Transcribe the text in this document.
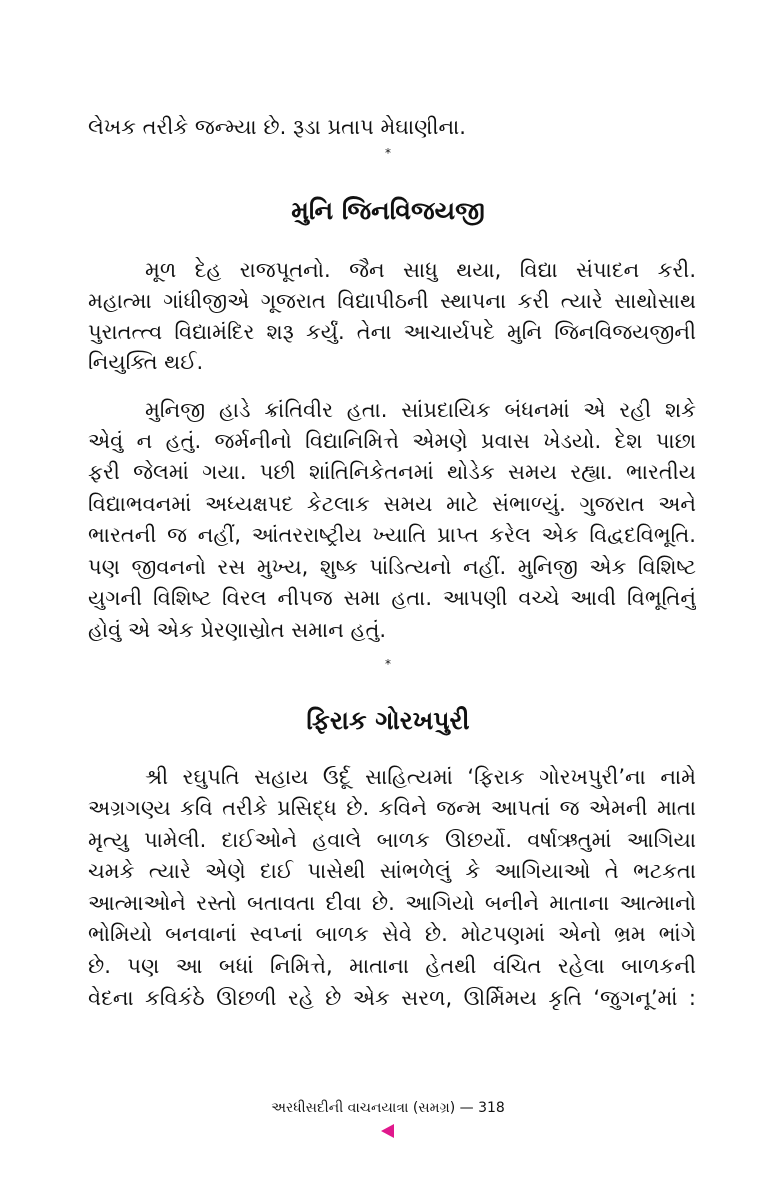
લેખક તરીકે જન્મ્યા છે. રૂડા પ્રતાપ મેઘાણીના.
*
મુનિ જિનવિજયજી
મૂળ દેહ રાજપૂતનો. જૈન સાધુ થયા, વિદ્યા સંપાદન કરી.
મહાત્મા ગાંધીજીએ ગૂજરાત વિદ્યાપીઠની સ્થાપના કરી ત્યારે સાથોસાથ
પુરાતત્ત્વ વિદ્યામંદિર શરૂ કર્યું. તેના આચાર્યપદે મુનિ જિનવિજયજીની
નિયુક્તિ થઈ.
મુનિજી હાડે ક્રાંતિવીર હતા. સાંપ્રદાયિક બંધનમાં એ રહી શકે
એવું ન હતું. જર્મનીનો વિદ્યાનિમિત્તે એમણે પ્રવાસ ખેડયો. દેશ પાછા
ફરી જેલમાં ગયા. પછી શાંતિનિકેતનમાં થોડેક સમય રહ્યા. ભારતીય
વિદ્યાભવનમાં અધ્યક્ષપદ કેટલાક સમય માટે સંભાળ્યું. ગુજરાત અને
ભારતની જ નહીં, આંતરરાષ્ટ્રીય ખ્યાતિ પ્રાપ્ત કરેલ એક વિદ્વદવિભૂતિ.
પણ જીવનનો રસ મુખ્ય, શુષ્ક પાંડિત્યનો નહીં. મુનિજી એક વિશિષ્ટ
યુગની વિશિષ્ટ વિરલ નીપજ સમા હતા. આપણી વચ્ચે આવી વિભૂતિનું
હોવું એ એક પ્રેરણાસ્રોત સમાન હતું.
*
ફિરાક ગોરખપુરી
શ્રી રઘુપતિ સહાય ઉર્દૂ સાહિત્યમાં ‘ફિરાક ગોરખપુરી’ના નામે
અગ્રગણ્ય કવિ તરીકે પ્રસિદ્ધ છે. કવિને જન્મ આપતાં જ એમની માતા
મૃત્યુ પામેલી. દાઈઓને હવાલે બાળક ઊછર્યો. વર્ષાઋતુમાં આગિયા
ચમકે ત્યારે એણે દાઈ પાસેથી સાંભળેલું કે આગિયાઓ તે ભટકતા
આત્માઓને રસ્તો બતાવતા દીવા છે. આગિયો બનીને માતાના આત્માનો
ભોમિયો બનવાનાં સ્વપ્નાં બાળક સેવે છે. મોટપણમાં એનો ભ્રમ ભાંગે
છે. પણ આ બધાં નિમિત્તે, માતાના હેતથી વંચિત રહેલા બાળકની
વેદના કવિકંઠે ઊછળી રહે છે એક સરળ, ઊર્મિમય કૃતિ ‘જુગનૂ’માં :
અરધીસદીની વાચનયાત્રા (સમગ્ર) — 318
